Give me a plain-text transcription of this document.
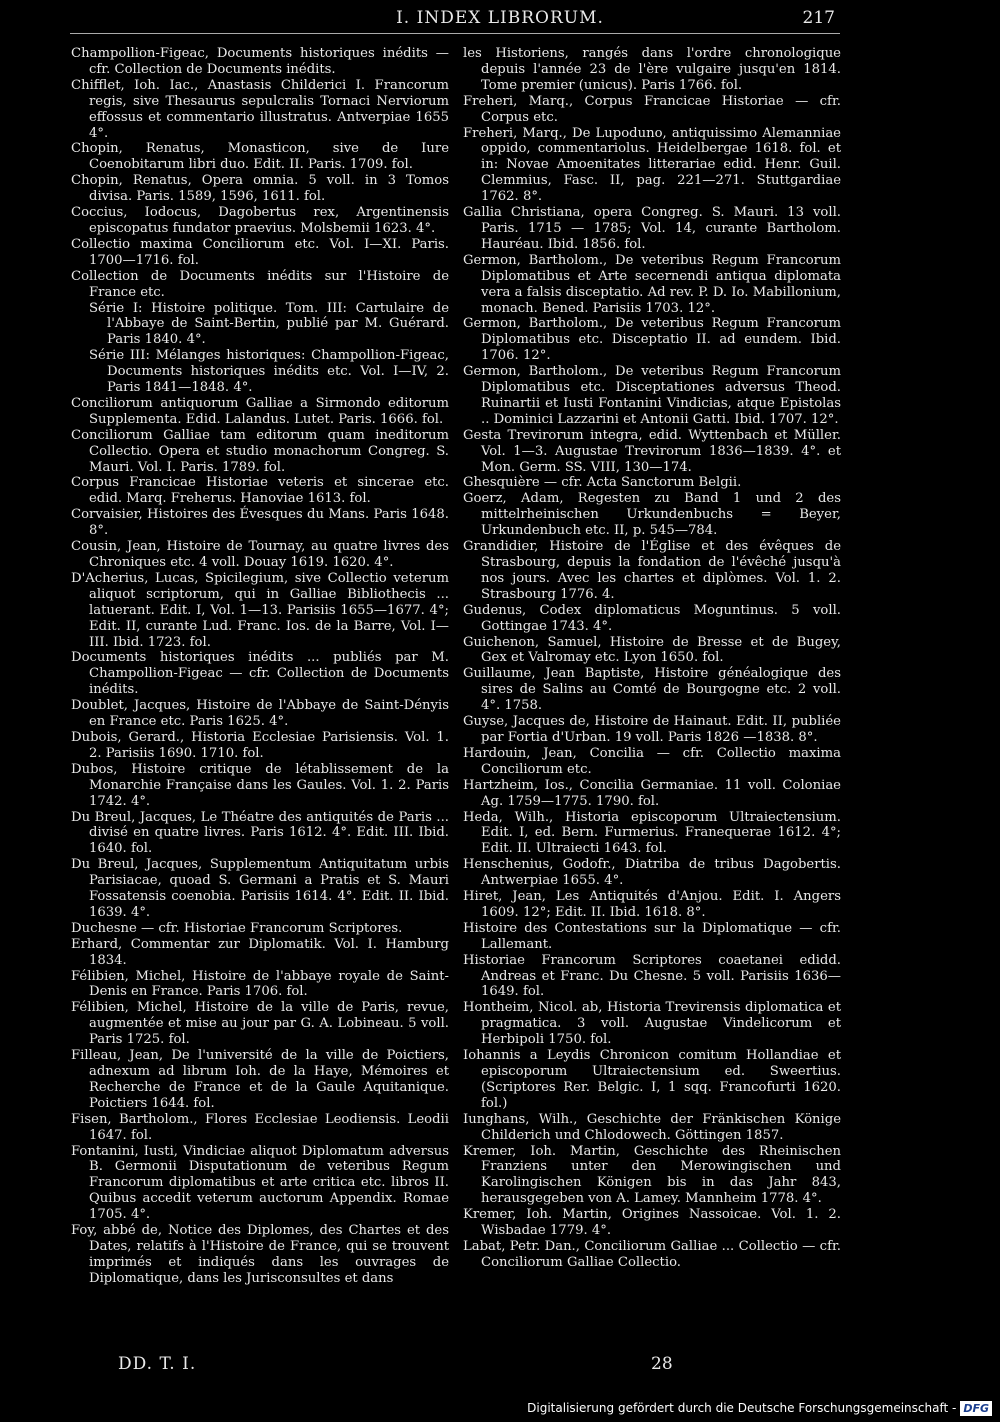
I. INDEX LIBRORUM.	217
Champollion-Figeac, Documents historiques inédits — cfr. Collection de Documents inédits.
Chifflet, Ioh. Iac., Anastasis Childerici I. Francorum regis, sive Thesaurus sepulcralis Tornaci Nerviorum effossus et commentario illustratus. Antverpiae 1655 4°.
Chopin, Renatus, Monasticon, sive de Iure Coenobitarum libri duo. Edit. II. Paris. 1709. fol.
Chopin, Renatus, Opera omnia. 5 voll. in 3 Tomos divisa. Paris. 1589, 1596, 1611. fol.
Coccius, Iodocus, Dagobertus rex, Argentinensis episcopatus fundator praevius. Molsbemii 1623. 4°.
Collectio maxima Conciliorum etc. Vol. I—XI. Paris. 1700—1716. fol.
Collection de Documents inédits sur l'Histoire de France etc.
Série I: Histoire politique. Tom. III: Cartulaire de l'Abbaye de Saint-Bertin, publié par M. Guérard. Paris 1840. 4°.
Série III: Mélanges historiques: Champollion-Figeac, Documents historiques inédits etc. Vol. I—IV, 2. Paris 1841—1848. 4°.
Conciliorum antiquorum Galliae a Sirmondo editorum Supplementa. Edid. Lalandus. Lutet. Paris. 1666. fol.
Conciliorum Galliae tam editorum quam ineditorum Collectio. Opera et studio monachorum Congreg. S. Mauri. Vol. I. Paris. 1789. fol.
Corpus Francicae Historiae veteris et sincerae etc. edid. Marq. Freherus. Hanoviae 1613. fol.
Corvaisier, Histoires des Évesques du Mans. Paris 1648. 8°.
Cousin, Jean, Histoire de Tournay, au quatre livres des Chroniques etc. 4 voll. Douay 1619. 1620. 4°.
D'Acherius, Lucas, Spicilegium, sive Collectio veterum aliquot scriptorum, qui in Galliae Bibliothecis ... latuerant. Edit. I, Vol. 1—13. Parisiis 1655—1677. 4°; Edit. II, curante Lud. Franc. Ios. de la Barre, Vol. I—III. Ibid. 1723. fol.
Documents historiques inédits ... publiés par M. Champollion-Figeac — cfr. Collection de Documents inédits.
Doublet, Jacques, Histoire de l'Abbaye de Saint-Dényis en France etc. Paris 1625. 4°.
Dubois, Gerard., Historia Ecclesiae Parisiensis. Vol. 1. 2. Parisiis 1690. 1710. fol.
Dubos, Histoire critique de létablissement de la Monarchie Française dans les Gaules. Vol. 1. 2. Paris 1742. 4°.
Du Breul, Jacques, Le Théatre des antiquités de Paris ... divisé en quatre livres. Paris 1612. 4°. Edit. III. Ibid. 1640. fol.
Du Breul, Jacques, Supplementum Antiquitatum urbis Parisiacae, quoad S. Germani a Pratis et S. Mauri Fossatensis coenobia. Parisiis 1614. 4°. Edit. II. Ibid. 1639. 4°.
Duchesne — cfr. Historiae Francorum Scriptores.
Erhard, Commentar zur Diplomatik. Vol. I. Hamburg 1834.
Félibien, Michel, Histoire de l'abbaye royale de Saint-Denis en France. Paris 1706. fol.
Félibien, Michel, Histoire de la ville de Paris, revue, augmentée et mise au jour par G. A. Lobineau. 5 voll. Paris 1725. fol.
Filleau, Jean, De l'université de la ville de Poictiers, adnexum ad librum Ioh. de la Haye, Mémoires et Recherche de France et de la Gaule Aquitanique. Poictiers 1644. fol.
Fisen, Bartholom., Flores Ecclesiae Leodiensis. Leodii 1647. fol.
Fontanini, Iusti, Vindiciae aliquot Diplomatum adversus B. Germonii Disputationum de veteribus Regum Francorum diplomatibus et arte critica etc. libros II. Quibus accedit veterum auctorum Appendix. Romae 1705. 4°.
Foy, abbé de, Notice des Diplomes, des Chartes et des Dates, relatifs à l'Histoire de France, qui se trouvent imprimés et indiqués dans les ouvrages de Diplomatique, dans les Jurisconsultes et dans
les Historiens, rangés dans l'ordre chronologique depuis l'année 23 de l'ère vulgaire jusqu'en 1814. Tome premier (unicus). Paris 1766. fol.
Freheri, Marq., Corpus Francicae Historiae — cfr. Corpus etc.
Freheri, Marq., De Lupoduno, antiquissimo Alemanniae oppido, commentariolus. Heidelbergae 1618. fol. et in: Novae Amoenitates litterariae edid. Henr. Guil. Clemmius, Fasc. II, pag. 221—271. Stuttgardiae 1762. 8°.
Gallia Christiana, opera Congreg. S. Mauri. 13 voll. Paris. 1715 — 1785; Vol. 14, curante Bartholom. Hauréau. Ibid. 1856. fol.
Germon, Bartholom., De veteribus Regum Francorum Diplomatibus et Arte secernendi antiqua diplomata vera a falsis disceptatio. Ad rev. P. D. Io. Mabillonium, monach. Bened. Parisiis 1703. 12°.
Germon, Bartholom., De veteribus Regum Francorum Diplomatibus etc. Disceptatio II. ad eundem. Ibid. 1706. 12°.
Germon, Bartholom., De veteribus Regum Francorum Diplomatibus etc. Disceptationes adversus Theod. Ruinartii et Iusti Fontanini Vindicias, atque Epistolas .. Dominici Lazzarini et Antonii Gatti. Ibid. 1707. 12°.
Gesta Trevirorum integra, edid. Wyttenbach et Müller. Vol. 1—3. Augustae Trevirorum 1836—1839. 4°. et Mon. Germ. SS. VIII, 130—174.
Ghesquière — cfr. Acta Sanctorum Belgii.
Goerz, Adam, Regesten zu Band 1 und 2 des mittelrheinischen Urkundenbuchs = Beyer, Urkundenbuch etc. II, p. 545—784.
Grandidier, Histoire de l'Église et des évêques de Strasbourg, depuis la fondation de l'évêché jusqu'à nos jours. Avec les chartes et diplòmes. Vol. 1. 2. Strasbourg 1776. 4.
Gudenus, Codex diplomaticus Moguntinus. 5 voll. Gottingae 1743. 4°.
Guichenon, Samuel, Histoire de Bresse et de Bugey, Gex et Valromay etc. Lyon 1650. fol.
Guillaume, Jean Baptiste, Histoire généalogique des sires de Salins au Comté de Bourgogne etc. 2 voll. 4°. 1758.
Guyse, Jacques de, Histoire de Hainaut. Edit. II, publiée par Fortia d'Urban. 19 voll. Paris 1826 —1838. 8°.
Hardouin, Jean, Concilia — cfr. Collectio maxima Conciliorum etc.
Hartzheim, Ios., Concilia Germaniae. 11 voll. Coloniae Ag. 1759—1775. 1790. fol.
Heda, Wilh., Historia episcoporum Ultraiectensium. Edit. I, ed. Bern. Furmerius. Franequerae 1612. 4°; Edit. II. Ultraiecti 1643. fol.
Henschenius, Godofr., Diatriba de tribus Dagobertis. Antwerpiae 1655. 4°.
Hiret, Jean, Les Antiquités d'Anjou. Edit. I. Angers 1609. 12°; Edit. II. Ibid. 1618. 8°.
Histoire des Contestations sur la Diplomatique — cfr. Lallemant.
Historiae Francorum Scriptores coaetanei edidd. Andreas et Franc. Du Chesne. 5 voll. Parisiis 1636—1649. fol.
Hontheim, Nicol. ab, Historia Trevirensis diplomatica et pragmatica. 3 voll. Augustae Vindelicorum et Herbipoli 1750. fol.
Iohannis a Leydis Chronicon comitum Hollandiae et episcoporum Ultraiectensium ed. Sweertius. (Scriptores Rer. Belgic. I, 1 sqq. Francofurti 1620. fol.)
Iunghans, Wilh., Geschichte der Fränkischen Könige Childerich und Chlodowech. Göttingen 1857.
Kremer, Ioh. Martin, Geschichte des Rheinischen Franziens unter den Merowingischen und Karolingischen Königen bis in das Jahr 843, herausgegeben von A. Lamey. Mannheim 1778. 4°.
Kremer, Ioh. Martin, Origines Nassoicae. Vol. 1. 2. Wisbadae 1779. 4°.
Labat, Petr. Dan., Conciliorum Galliae ... Collectio — cfr. Conciliorum Galliae Collectio.
DD. T. I.	28
Digitalisierung gefördert durch die Deutsche Forschungsgemeinschaft - DFG
